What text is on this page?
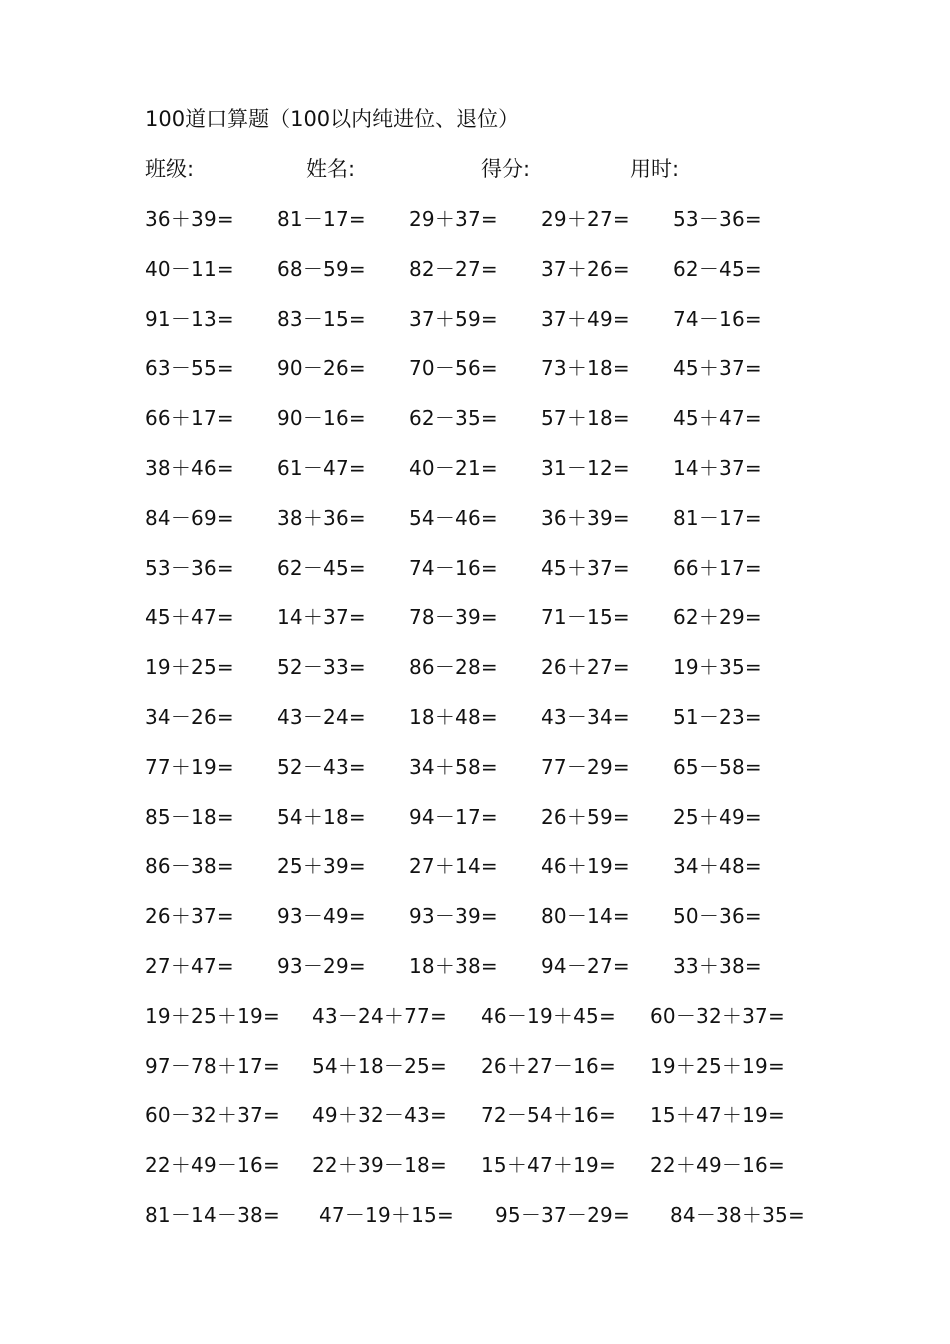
100道口算题（100以内纯进位、退位）
班级:	姓名:	得分:	用时:
36＋39= 81－17= 29＋37= 29＋27= 53－36=
40－11= 68－59= 82－27= 37＋26= 62－45=
91－13= 83－15= 37＋59= 37＋49= 74－16=
63－55= 90－26= 70－56= 73＋18= 45＋37=
66＋17= 90－16= 62－35= 57＋18= 45＋47=
38＋46= 61－47= 40－21= 31－12= 14＋37=
84－69= 38＋36= 54－46= 36＋39= 81－17=
53－36= 62－45= 74－16= 45＋37= 66＋17=
45＋47= 14＋37= 78－39= 71－15= 62＋29=
19＋25= 52－33= 86－28= 26＋27= 19＋35=
34－26= 43－24= 18＋48= 43－34= 51－23=
77＋19= 52－43= 34＋58= 77－29= 65－58=
85－18= 54＋18= 94－17= 26＋59= 25＋49=
86－38= 25＋39= 27＋14= 46＋19= 34＋48=
26＋37= 93－49= 93－39= 80－14= 50－36=
27＋47= 93－29= 18＋38= 94－27= 33＋38=
19＋25＋19= 43－24＋77= 46－19＋45= 60－32＋37=
97－78＋17= 54＋18－25= 26＋27－16= 19＋25＋19=
60－32＋37= 49＋32－43= 72－54＋16= 15＋47＋19=
22＋49－16= 22＋39－18= 15＋47＋19= 22＋49－16=
81－14－38= 47－19＋15= 95－37－29= 84－38＋35=
